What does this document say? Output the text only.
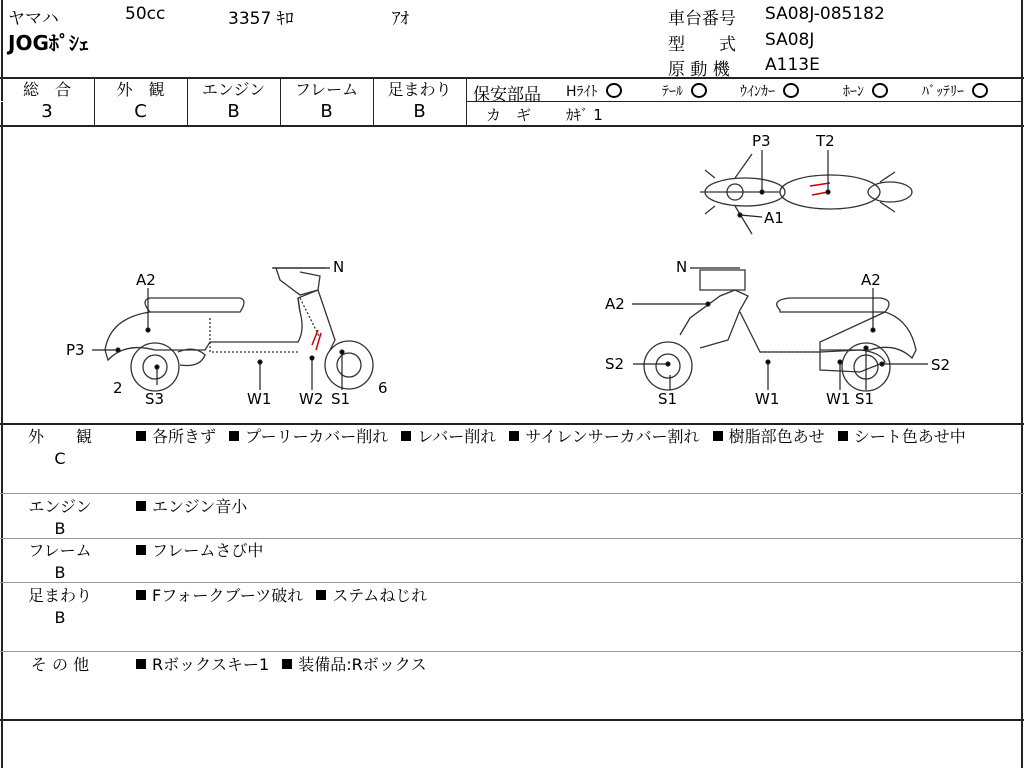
ヤマハ	50cc	3357 ｷﾛ	ｱｵ
JOGﾎﾟｼｪ
車台番号 SA08J-085182
型　　式 SA08J
原 動 機 A113E
総　合
3
外　観
C
エンジン
B
フレーム
B
足まわり
B
保安部品 Hﾗｲﾄ	ﾃｰﾙ	ｳｲﾝｶｰ	ﾎｰﾝ	ﾊﾞｯﾃﾘｰ
カ　ギ ｶｷﾞ 1
A2
P3
2
S3	W1 W2 S1
6
N	N
A2
A2
S2	S2
S1	W1	W1 S1
P3	T2
A1
外　　観
C
各所きず プーリーカバー削れ レバー削れ サイレンサーカバー割れ 樹脂部色あせ シート色あせ中
エンジン
B
エンジン音小
フレーム
B
フレームさび中
足まわり
B
Fフォークブーツ破れ ステムねじれ
そ の 他	Rボックスキー1 装備品:Rボックス
